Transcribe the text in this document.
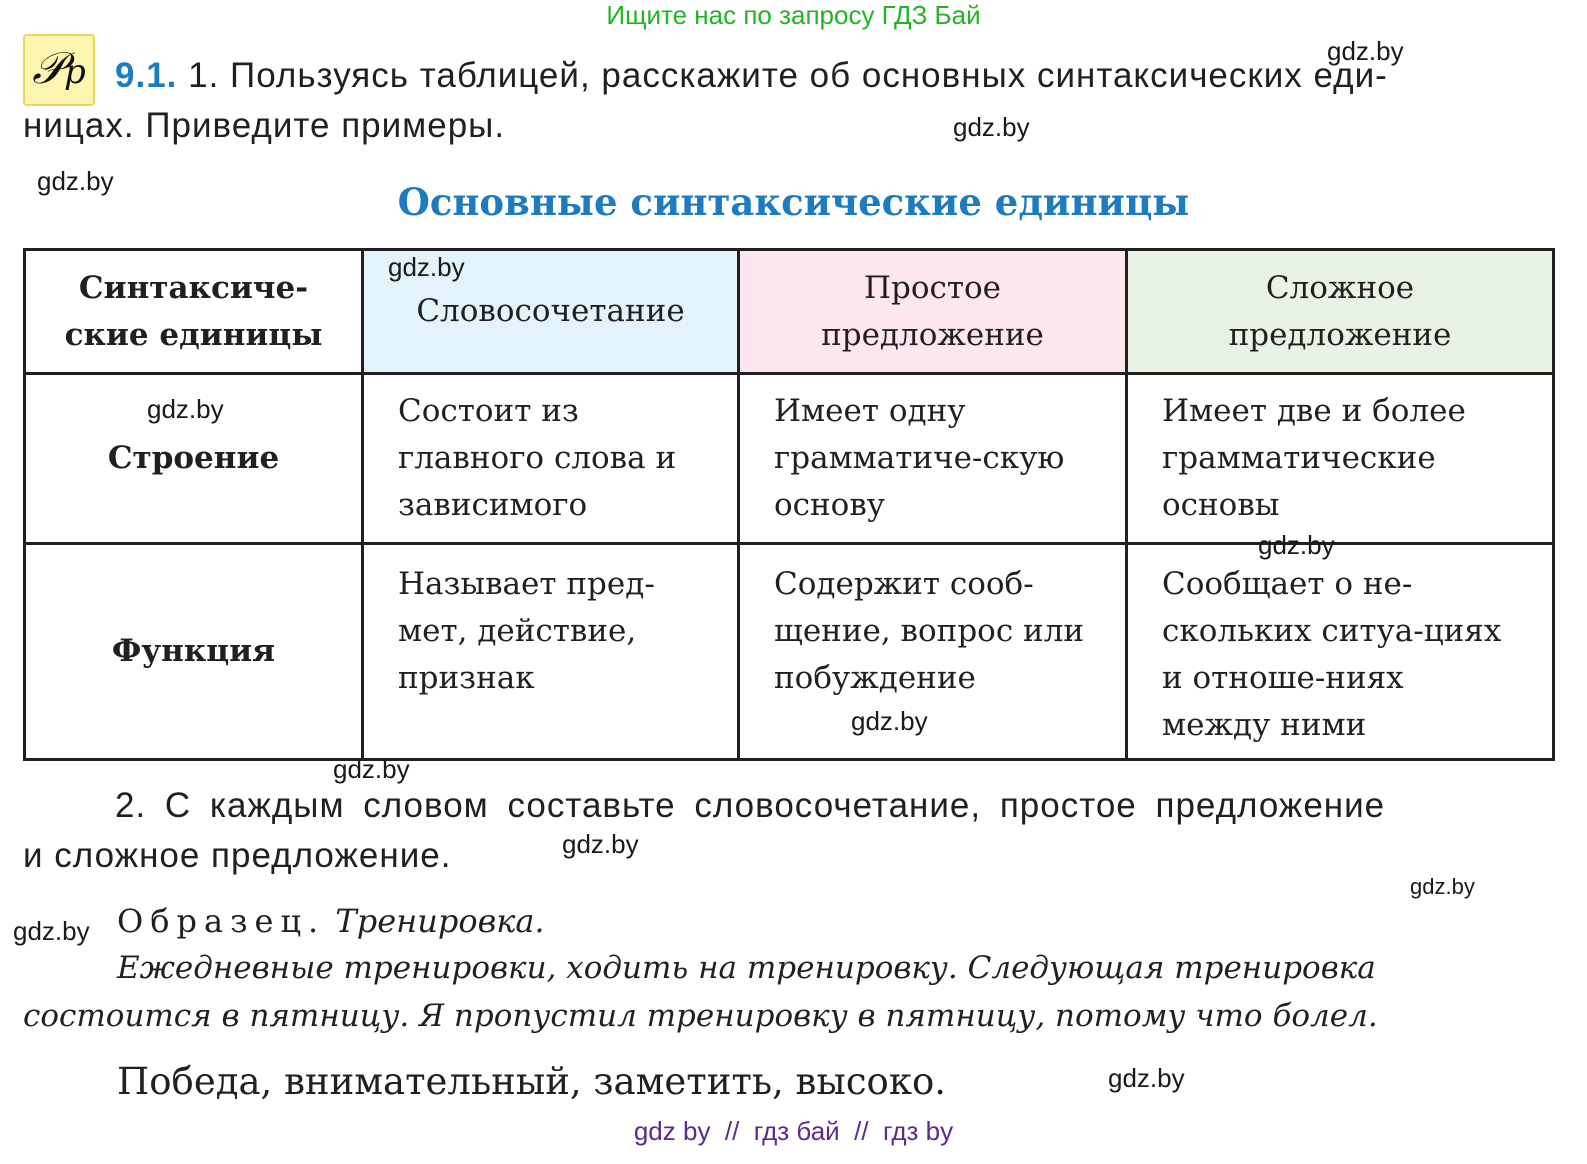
Ищите нас по запросу ГДЗ Бай
𝒫p 9.1. 1. Пользуясь таблицей, расскажите об основных синтаксических еди-
ницах. Приведите примеры.
Основные синтаксические единицы
Синтаксиче-ские единицы	Словосочетание	Простое предложение	Сложное предложение
Строение	Состоит из главного слова и зависимого	Имеет одну грамматиче-скую основу	Имеет две и более грамматические основы
Функция	Называет пред-мет, действие, признак	Содержит сооб-щение, вопрос или побуждение	Сообщает о не-скольких ситуа-циях и отноше-ниях между ними
2. С каждым словом составьте словосочетание, простое предложение
и сложное предложение.
Образец. Тренировка.
Ежедневные тренировки, ходить на тренировку. Следующая тренировка
состоится в пятницу. Я пропустил тренировку в пятницу, потому что болел.
Победа, внимательный, заметить, высоко.
gdz by  //  гдз бай  //  гдз by
gdz.by
gdz.by
gdz.by
gdz.by
gdz.by
gdz.by
gdz.by
gdz.by
gdz.by
gdz.by
gdz.by
gdz.by
